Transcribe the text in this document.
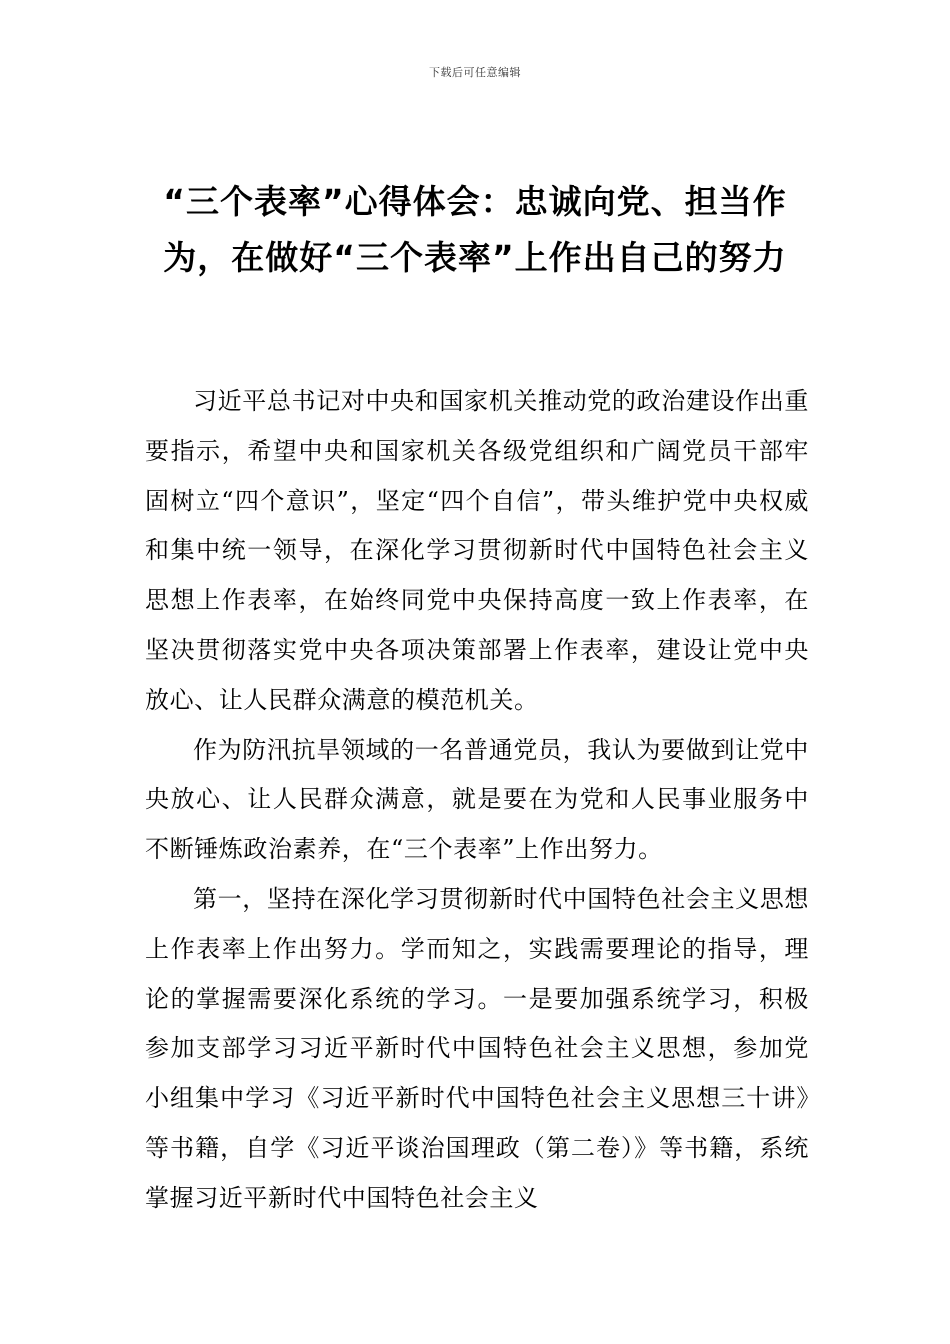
下载后可任意编辑
“三个表率”心得体会：忠诚向党、担当作为，在做好“三个表率”上作出自己的努力

习近平总书记对中央和国家机关推动党的政治建设作出重要指示，希望中央和国家机关各级党组织和广阔党员干部牢固树立“四个意识”，坚定“四个自信”，带头维护党中央权威和集中统一领导，在深化学习贯彻新时代中国特色社会主义思想上作表率，在始终同党中央保持高度一致上作表率，在坚决贯彻落实党中央各项决策部署上作表率，建设让党中央放心、让人民群众满意的模范机关。

作为防汛抗旱领域的一名普通党员，我认为要做到让党中央放心、让人民群众满意，就是要在为党和人民事业服务中不断锤炼政治素养，在“三个表率”上作出努力。

第一，坚持在深化学习贯彻新时代中国特色社会主义思想上作表率上作出努力。学而知之，实践需要理论的指导，理论的掌握需要深化系统的学习。一是要加强系统学习，积极参加支部学习习近平新时代中国特色社会主义思想，参加党小组集中学习《习近平新时代中国特色社会主义思想三十讲》等书籍，自学《习近平谈治国理政（第二卷）》等书籍，系统掌握习近平新时代中国特色社会主义
